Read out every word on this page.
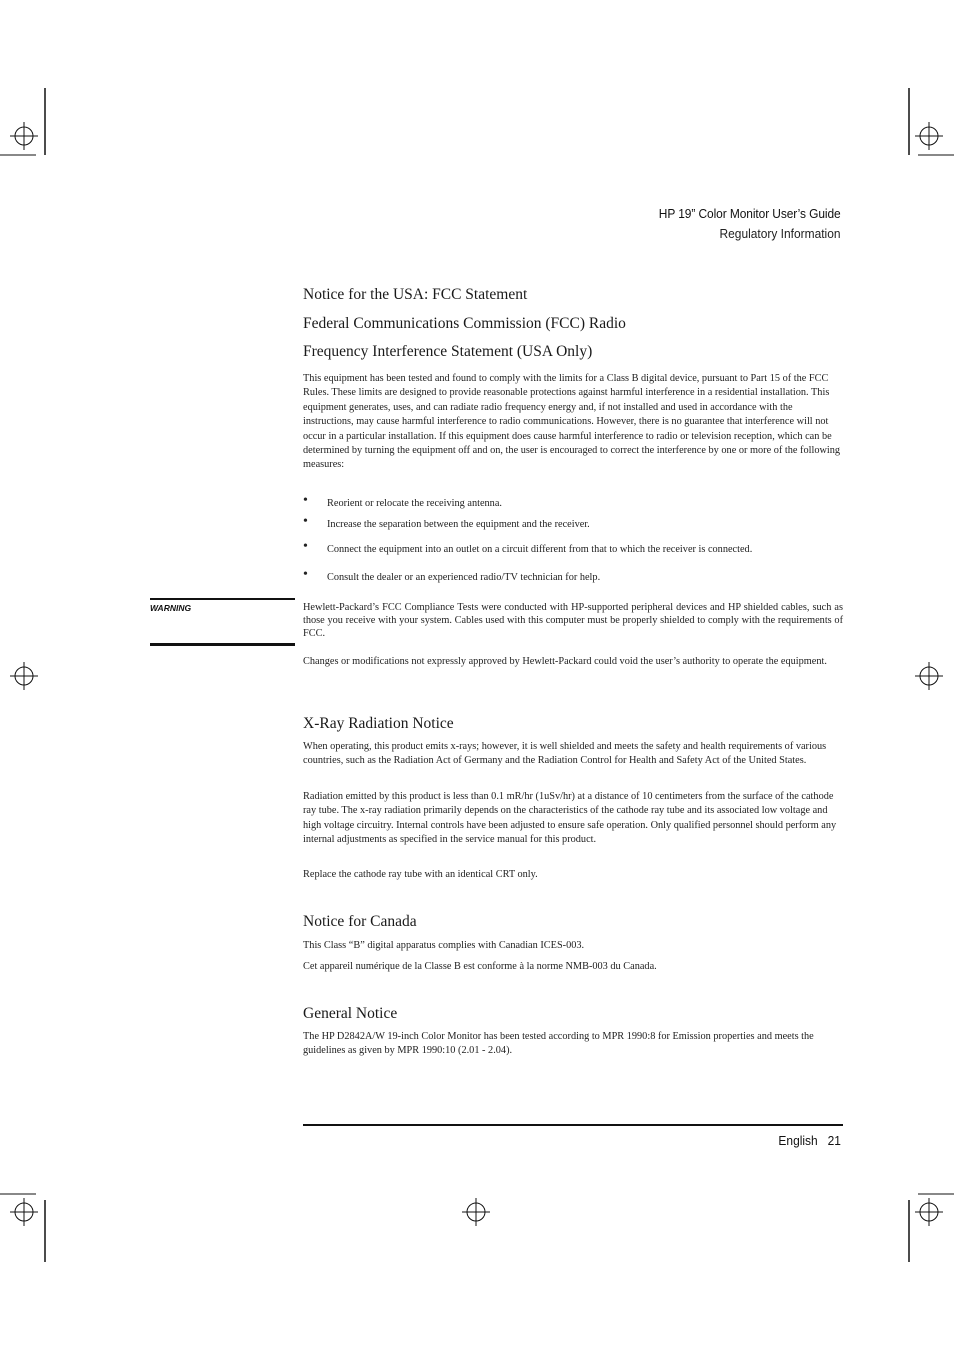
HP 19” Color Monitor User’s Guide
Regulatory Information
Notice for the USA: FCC Statement
Federal Communications Commission (FCC) Radio
Frequency Interference Statement (USA Only)

This equipment has been tested and found to comply with the limits for a Class B digital device, pursuant to Part 15 of the FCC Rules. These limits are designed to provide reasonable protections against harmful interference in a residential installation. This equipment generates, uses, and can radiate radio frequency energy and, if not installed and used in accordance with the instructions, may cause harmful interference to radio communications. However, there is no guarantee that interference will not occur in a particular installation. If this equipment does cause harmful interference to radio or television reception, which can be determined by turning the equipment off and on, the user is encouraged to correct the interference by one or more of the following measures:

• Reorient or relocate the receiving antenna.
• Increase the separation between the equipment and the receiver.
• Connect the equipment into an outlet on a circuit different from that to which the receiver is connected.
• Consult the dealer or an experienced radio/TV technician for help.
WARNING	Hewlett-Packard’s FCC Compliance Tests were conducted with HP-supported peripheral devices and HP shielded cables, such as those you receive with your system. Cables used with this computer must be properly shielded to comply with the requirements of FCC.

Changes or modifications not expressly approved by Hewlett-Packard could void the user’s authority to operate the equipment.

X-Ray Radiation Notice

When operating, this product emits x-rays; however, it is well shielded and meets the safety and health requirements of various countries, such as the Radiation Act of Germany and the Radiation Control for Health and Safety Act of the United States.

Radiation emitted by this product is less than 0.1 mR/hr (1uSv/hr) at a distance of 10 centimeters from the surface of the cathode ray tube. The x-ray radiation primarily depends on the characteristics of the cathode ray tube and its associated low voltage and high voltage circuitry. Internal controls have been adjusted to ensure safe operation. Only qualified personnel should perform any internal adjustments as specified in the service manual for this product.

Replace the cathode ray tube with an identical CRT only.

Notice for Canada

This Class “B” digital apparatus complies with Canadian ICES-003.

Cet appareil numérique de la Classe B est conforme à la norme NMB-003 du Canada.

General Notice

The HP D2842A/W 19-inch Color Monitor has been tested according to MPR 1990:8 for Emission properties and meets the guidelines as given by MPR 1990:10 (2.01 - 2.04).

English 21
